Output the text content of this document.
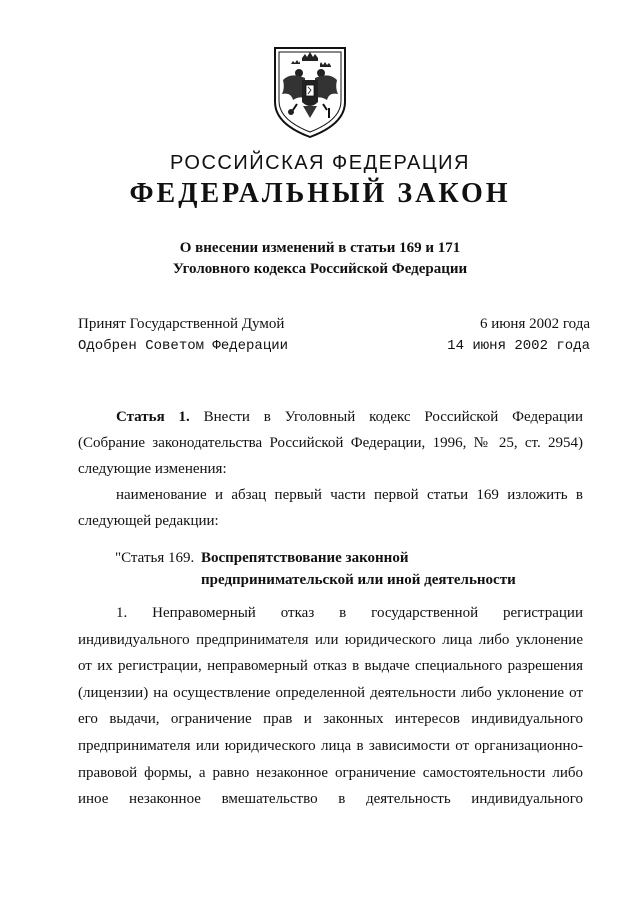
РОССИЙСКАЯ ФЕДЕРАЦИЯ
ФЕДЕРАЛЬНЫЙ ЗАКОН
О внесении изменений в статьи 169 и 171
Уголовного кодекса Российской Федерации
Принят Государственной Думой
Одобрен Советом Федерации
6 июня 2002 года
14 июня 2002 года

Статья 1. Внести в Уголовный кодекс Российской Федерации (Собрание законодательства Российской Федерации, 1996, № 25, ст. 2954) следующие изменения:

наименование и абзац первый части первой статьи 169 изложить в следующей редакции:

"Статья 169. Воспрепятствование законной
предпринимательской или иной деятельности

1. Неправомерный отказ в государственной регистрации индивидуального предпринимателя или юридического лица либо уклонение от их регистрации, неправомерный отказ в выдаче специального разрешения (лицензии) на осуществление определенной деятельности либо уклонение от его выдачи, ограничение прав и законных интересов индивидуального предпринимателя или юридического лица в зависимости от организационно-правовой формы, а равно незаконное ограничение самостоятельности либо иное незаконное вмешательство в деятельность индивидуального
